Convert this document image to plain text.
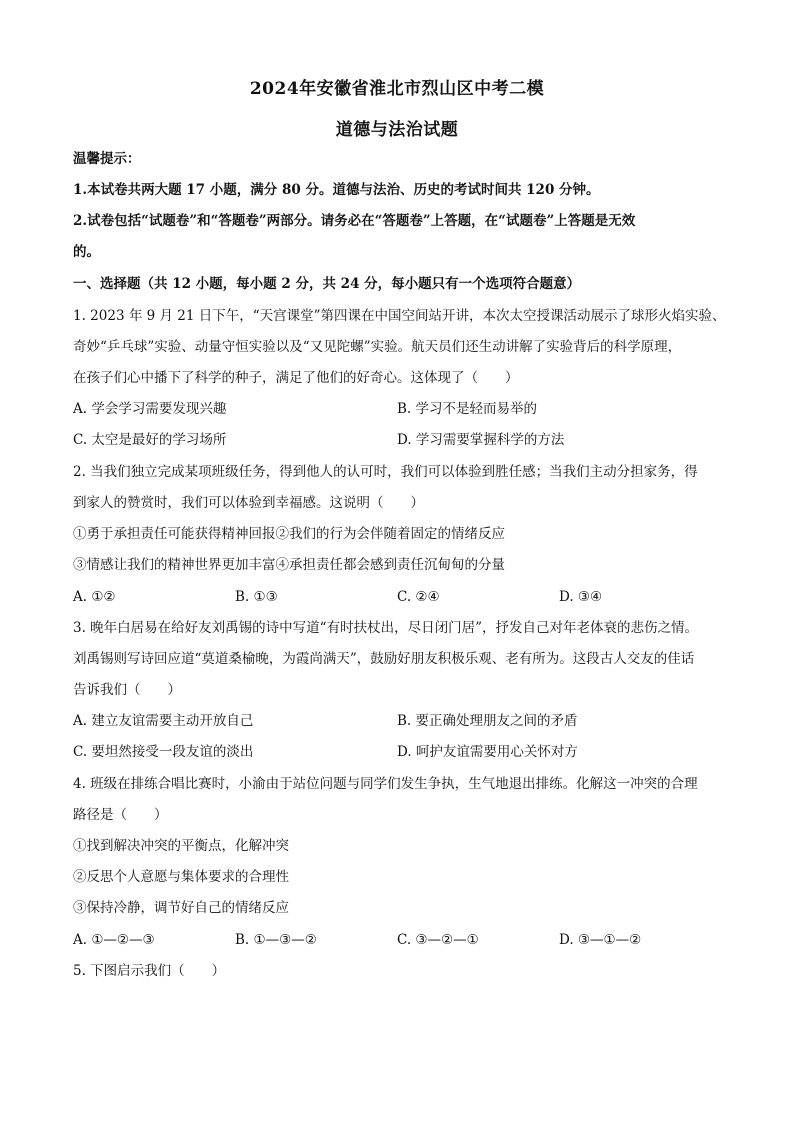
2024年安徽省淮北市烈山区中考二模
道德与法治试题
温馨提示：
1.本试卷共两大题 17 小题，满分 80 分。道德与法治、历史的考试时间共 120 分钟。
2.试卷包括“试题卷”和“答题卷”两部分。请务必在“答题卷”上答题，在“试题卷”上答题是无效
的。
一、选择题（共 12 小题，每小题 2 分，共 24 分，每小题只有一个选项符合题意）
1. 2023 年 9 月 21 日下午，“天宫课堂”第四课在中国空间站开讲，本次太空授课活动展示了球形火焰实验、
奇妙“乒乓球”实验、动量守恒实验以及“又见陀螺”实验。航天员们还生动讲解了实验背后的科学原理，
在孩子们心中播下了科学的种子，满足了他们的好奇心。这体现了（　　）
A. 学会学习需要发现兴趣	B. 学习不是轻而易举的
C. 太空是最好的学习场所	D. 学习需要掌握科学的方法
2. 当我们独立完成某项班级任务，得到他人的认可时，我们可以体验到胜任感；当我们主动分担家务，得
到家人的赞赏时，我们可以体验到幸福感。这说明（　　）
①勇于承担责任可能获得精神回报②我们的行为会伴随着固定的情绪反应
③情感让我们的精神世界更加丰富④承担责任都会感到责任沉甸甸的分量
A. ①②	B. ①③	C. ②④	D. ③④
3. 晚年白居易在给好友刘禹锡的诗中写道“有时扶杖出，尽日闭门居”，抒发自己对年老体衰的悲伤之情。
刘禹锡则写诗回应道“莫道桑榆晚，为霞尚满天”，鼓励好朋友积极乐观、老有所为。这段古人交友的佳话
告诉我们（　　）
A. 建立友谊需要主动开放自己	B. 要正确处理朋友之间的矛盾
C. 要坦然接受一段友谊的淡出	D. 呵护友谊需要用心关怀对方
4. 班级在排练合唱比赛时，小渝由于站位问题与同学们发生争执，生气地退出排练。化解这一冲突的合理
路径是（　　）
①找到解决冲突的平衡点，化解冲突
②反思个人意愿与集体要求的合理性
③保持冷静，调节好自己的情绪反应
A. ①—②—③	B. ①—③—②	C. ③—②—①	D. ③—①—②
5. 下图启示我们（　　）
